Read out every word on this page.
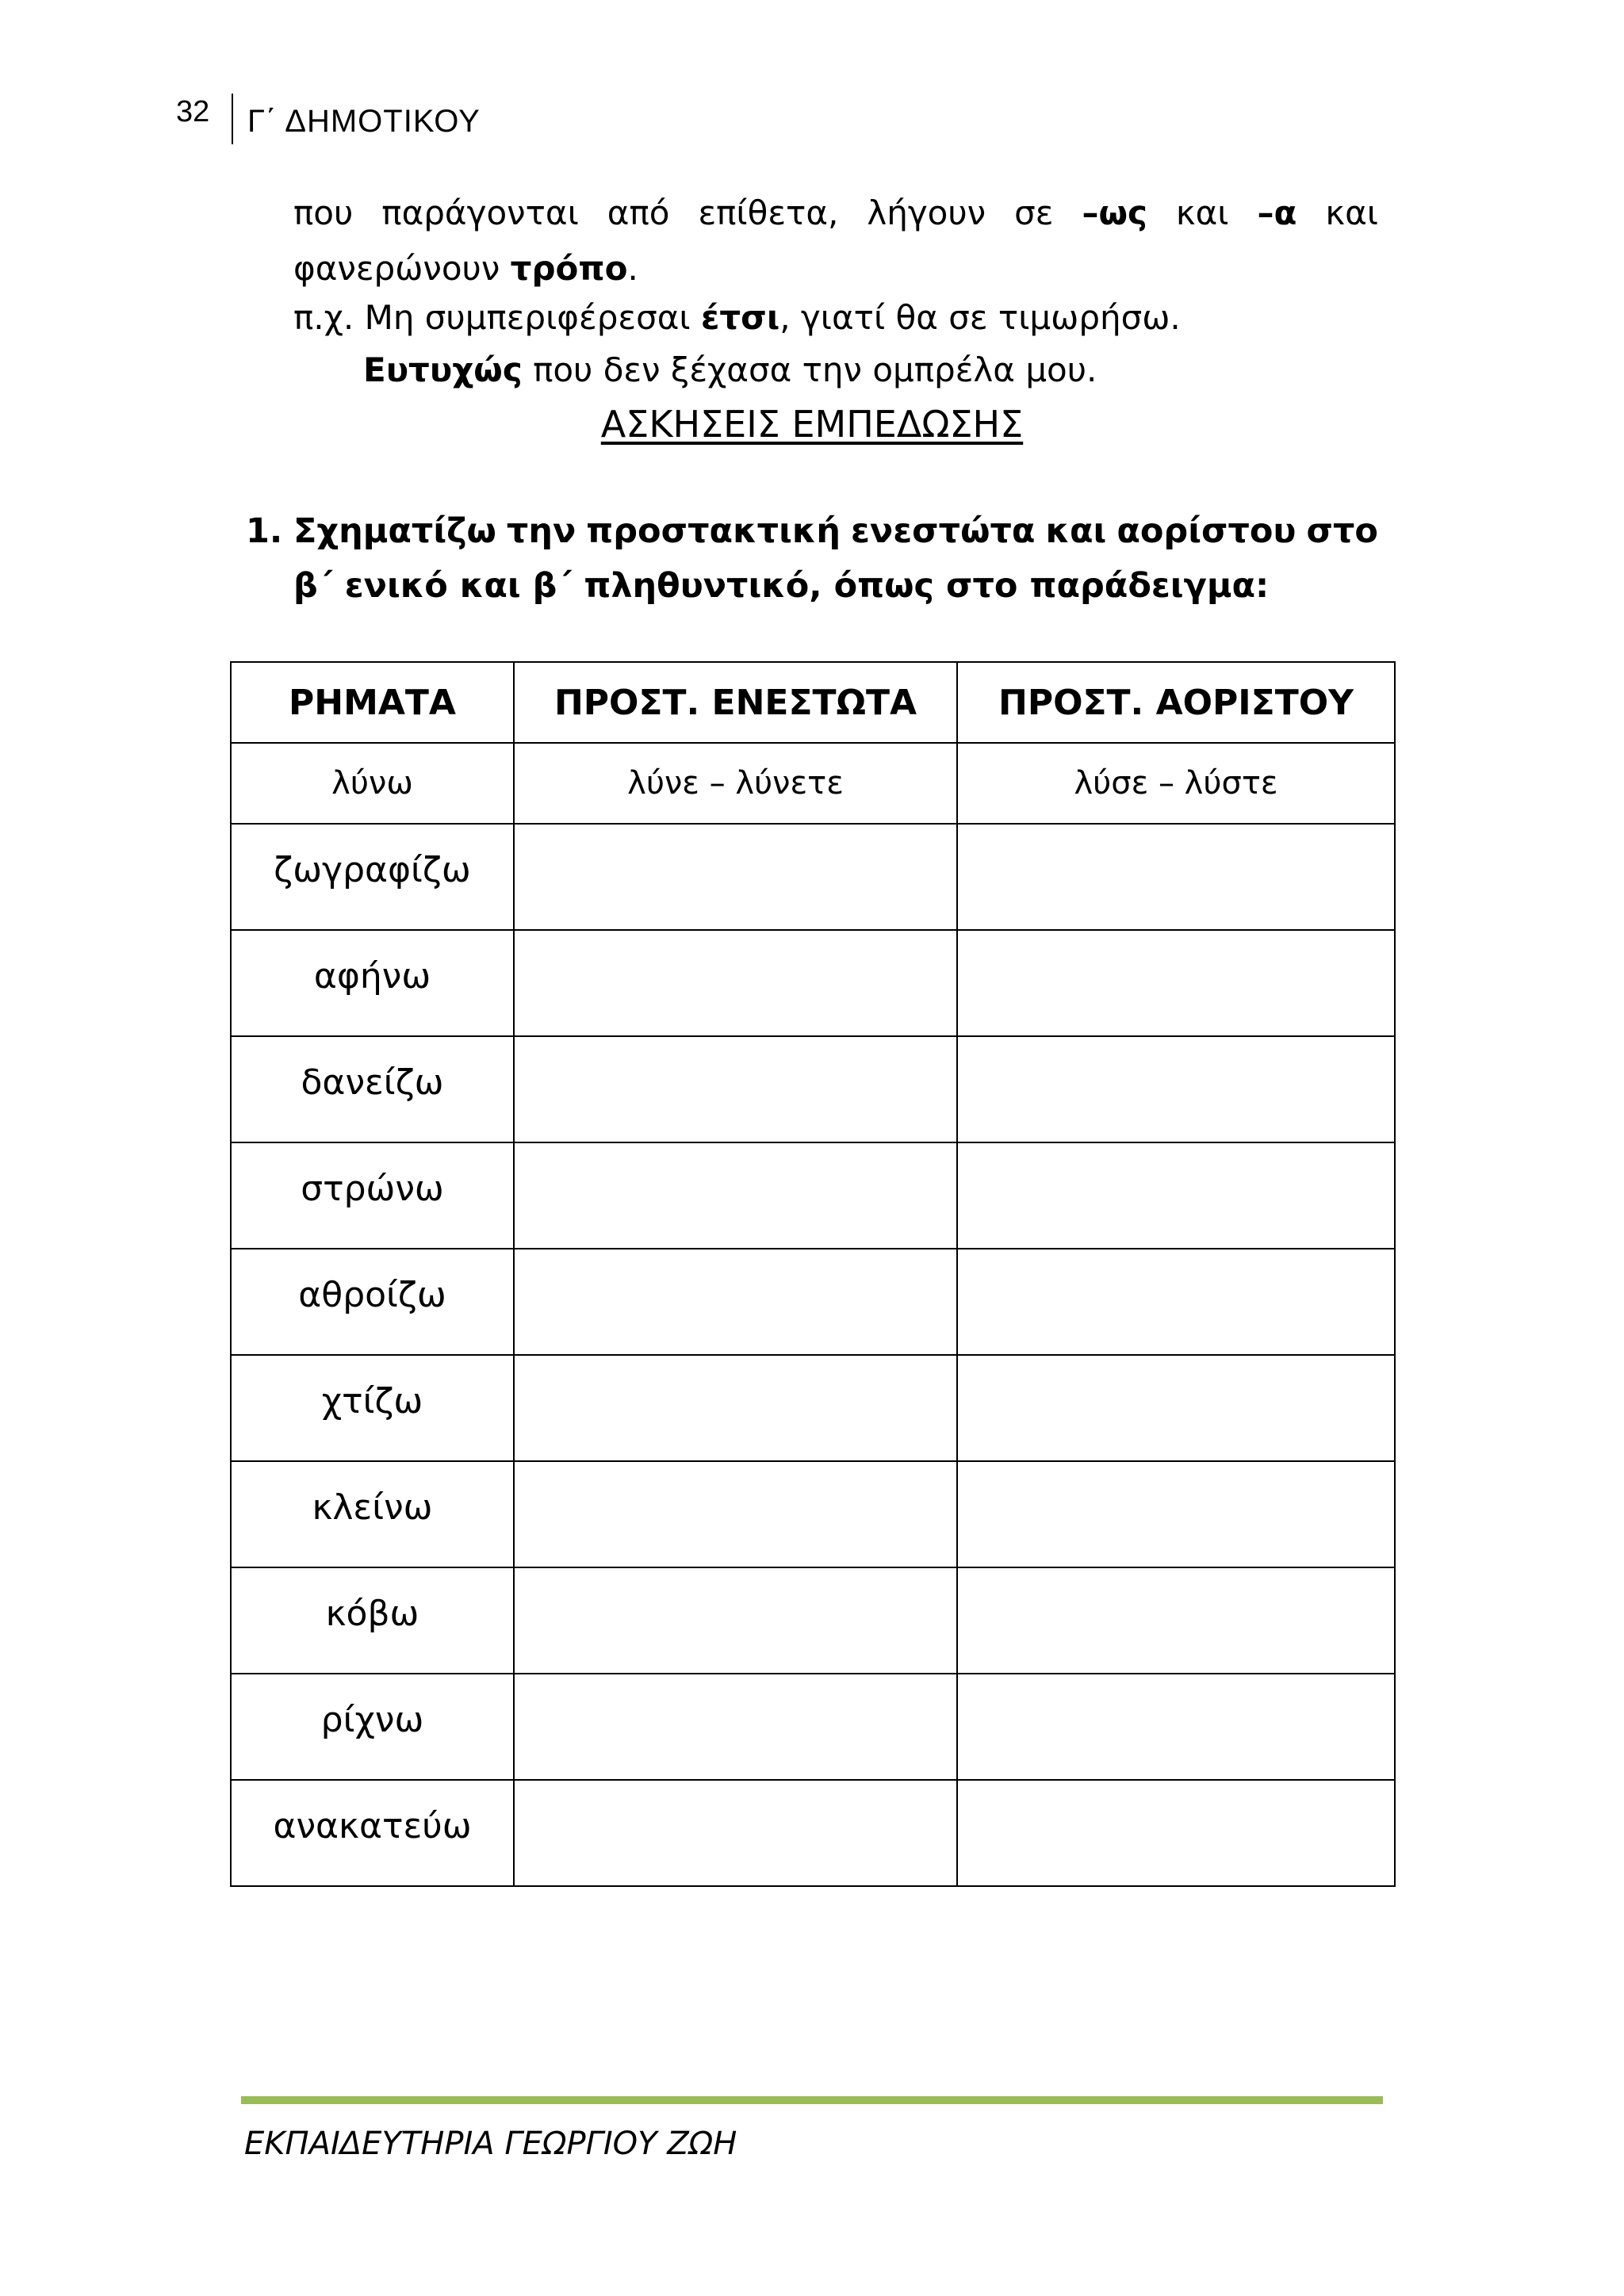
32 Γ΄ ΔΗΜΟΤΙΚΟΥ
που παράγονται από επίθετα, λήγουν σε –ως και –α και
φανερώνουν τρόπο.
π.χ. Μη συμπεριφέρεσαι έτσι, γιατί θα σε τιμωρήσω.
Ευτυχώς που δεν ξέχασα την ομπρέλα μου.
ΑΣΚΗΣΕΙΣ ΕΜΠΕΔΩΣΗΣ
1. Σχηματίζω την προστακτική ενεστώτα και αορίστου στο
β΄ ενικό και β΄ πληθυντικό, όπως στο παράδειγμα:
ΡΗΜΑΤΑ	ΠΡΟΣΤ. ΕΝΕΣΤΩΤΑ	ΠΡΟΣΤ. ΑΟΡΙΣΤΟΥ
λύνω	λύνε – λύνετε	λύσε – λύστε
ζωγραφίζω		
αφήνω		
δανείζω		
στρώνω		
αθροίζω		
χτίζω		
κλείνω		
κόβω		
ρίχνω		
ανακατεύω		
ΕΚΠΑΙΔΕΥΤΗΡΙΑ ΓΕΩΡΓΙΟΥ ΖΩΗ
